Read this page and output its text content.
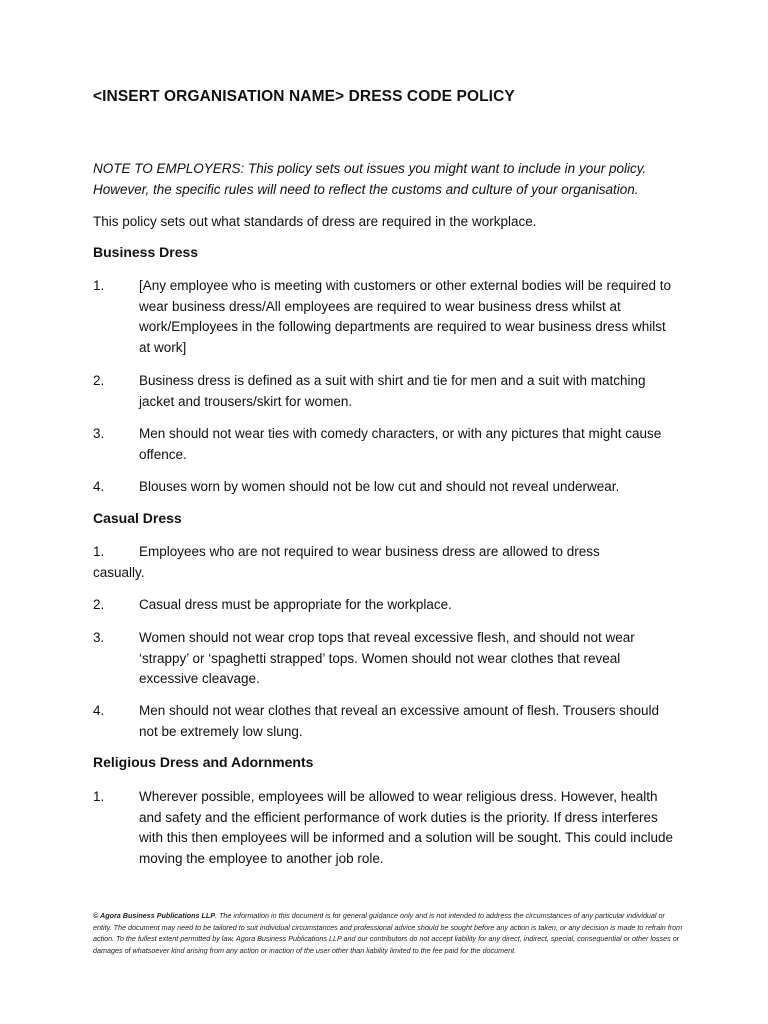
<INSERT ORGANISATION NAME> DRESS CODE POLICY

NOTE TO EMPLOYERS: This policy sets out issues you might want to include in your policy.

However, the specific rules will need to reflect the customs and culture of your organisation.

This policy sets out what standards of dress are required in the workplace.
Business Dress
1.	[Any employee who is meeting with customers or other external bodies will be required to wear business dress/All employees are required to wear business dress whilst at work/Employees in the following departments are required to wear business dress whilst at work]
2.	Business dress is defined as a suit with shirt and tie for men and a suit with matching jacket and trousers/skirt for women.
3.	Men should not wear ties with comedy characters, or with any pictures that might cause offence.
4.	Blouses worn by women should not be low cut and should not reveal underwear.
Casual Dress
1.	Employees who are not required to wear business dress are allowed to dress casually.
2.	Casual dress must be appropriate for the workplace.
3.	Women should not wear crop tops that reveal excessive flesh, and should not wear ‘strappy’ or ‘spaghetti strapped’ tops. Women should not wear clothes that reveal excessive cleavage.
4.	Men should not wear clothes that reveal an excessive amount of flesh. Trousers should not be extremely low slung.
Religious Dress and Adornments
1.	Wherever possible, employees will be allowed to wear religious dress. However, health and safety and the efficient performance of work duties is the priority. If dress interferes with this then employees will be informed and a solution will be sought. This could include moving the employee to another job role.
© Agora Business Publications LLP. The information in this document is for general guidance only and is not intended to address the circumstances of any particular individual or entity. The document may need to be tailored to suit individual circumstances and professional advice should be sought before any action is taken, or any decision is made to refrain from action. To the fullest extent permitted by law, Agora Business Publications LLP and our contributors do not accept liability for any direct, indirect, special, consequential or other losses or damages of whatsoever kind arising from any action or inaction of the user other than liability limited to the fee paid for the document.
